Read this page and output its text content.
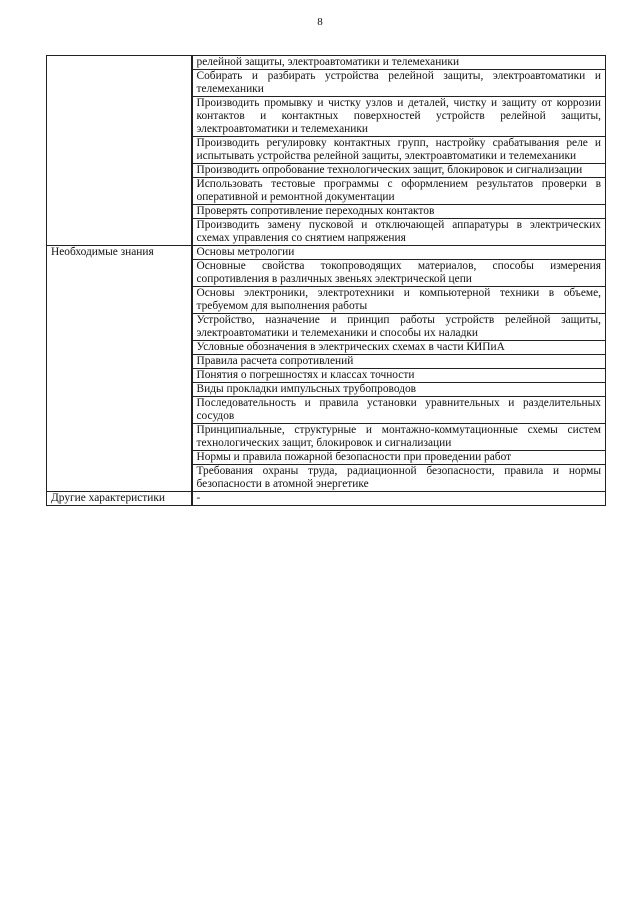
8
	релейной защиты, электроавтоматики и телемеханики
	Собирать и разбирать устройства релейной защиты, электроавтоматики и телемеханики
	Производить промывку и чистку узлов и деталей, чистку и защиту от коррозии контактов и контактных поверхностей устройств релейной защиты, электроавтоматики и телемеханики
	Производить регулировку контактных групп, настройку срабатывания реле и испытывать устройства релейной защиты, электроавтоматики и телемеханики
	Производить опробование технологических защит, блокировок и сигнализации
	Использовать тестовые программы с оформлением результатов проверки в оперативной и ремонтной документации
	Проверять сопротивление переходных контактов
	Производить замену пусковой и отключающей аппаратуры в электрических схемах управления со снятием напряжения
Необходимые знания	Основы метрологии
	Основные свойства токопроводящих материалов, способы измерения сопротивления в различных звеньях электрической цепи
	Основы электроники, электротехники и компьютерной техники в объеме, требуемом для выполнения работы
	Устройство, назначение и принцип работы устройств релейной защиты, электроавтоматики и телемеханики и способы их наладки
	Условные обозначения в электрических схемах в части КИПиА
	Правила расчета сопротивлений
	Понятия о погрешностях и классах точности
	Виды прокладки импульсных трубопроводов
	Последовательность и правила установки уравнительных и разделительных сосудов
	Принципиальные, структурные и монтажно-коммутационные схемы систем технологических защит, блокировок и сигнализации
	Нормы и правила пожарной безопасности при проведении работ
	Требования охраны труда, радиационной безопасности, правила и нормы безопасности в атомной энергетике
Другие характеристики	-
